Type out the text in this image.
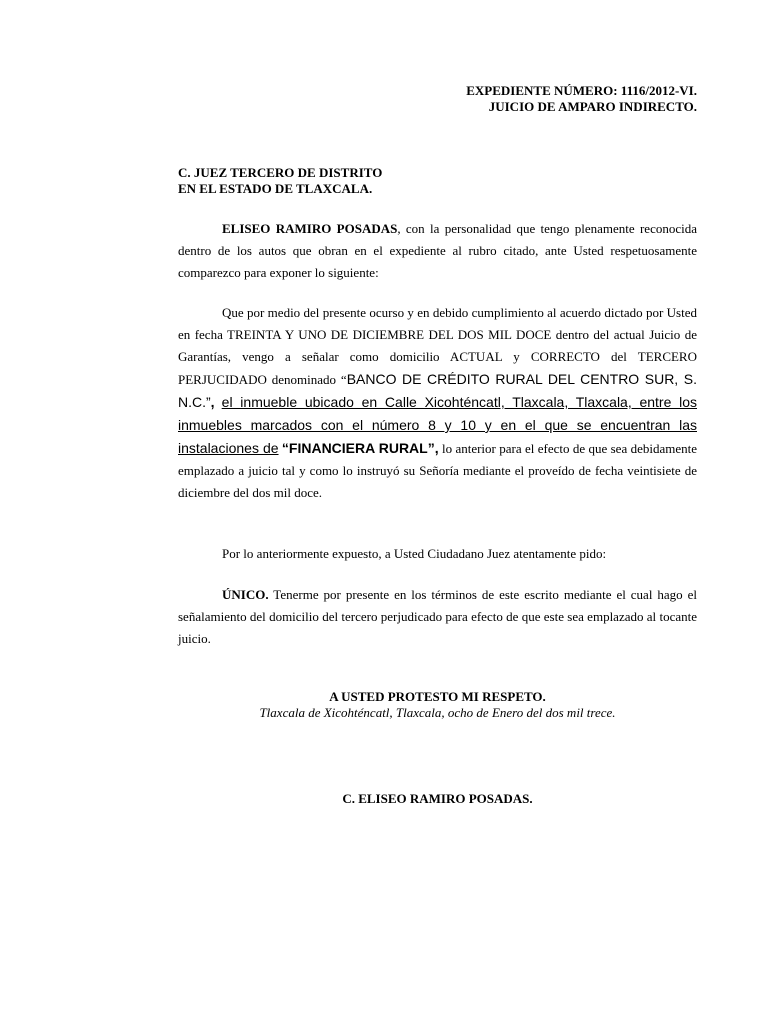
EXPEDIENTE NÚMERO: 1116/2012-VI.
JUICIO DE AMPARO INDIRECTO.
C. JUEZ TERCERO DE DISTRITO
EN EL ESTADO DE TLAXCALA.

ELISEO RAMIRO POSADAS, con la personalidad que tengo plenamente reconocida dentro de los autos que obran en el expediente al rubro citado, ante Usted respetuosamente comparezco para exponer lo siguiente:

Que por medio del presente ocurso y en debido cumplimiento al acuerdo dictado por Usted en fecha TREINTA Y UNO DE DICIEMBRE DEL DOS MIL DOCE dentro del actual Juicio de Garantías, vengo a señalar como domicilio ACTUAL y CORRECTO del TERCERO PERJUCIDADO denominado “BANCO DE CRÉDITO RURAL DEL CENTRO SUR, S. N.C.”, el inmueble ubicado en Calle Xicohténcatl, Tlaxcala, Tlaxcala, entre los inmuebles marcados con el número 8 y 10 y en el que se encuentran las instalaciones de “FINANCIERA RURAL”, lo anterior para el efecto de que sea debidamente emplazado a juicio tal y como lo instruyó su Señoría mediante el proveído de fecha veintisiete de diciembre del dos mil doce.

Por lo anteriormente expuesto, a Usted Ciudadano Juez atentamente pido:

ÚNICO. Tenerme por presente en los términos de este escrito mediante el cual hago el señalamiento del domicilio del tercero perjudicado para efecto de que este sea emplazado al tocante juicio.

A USTED PROTESTO MI RESPETO.
Tlaxcala de Xicohténcatl, Tlaxcala, ocho de Enero del dos mil trece.
C. ELISEO RAMIRO POSADAS.
